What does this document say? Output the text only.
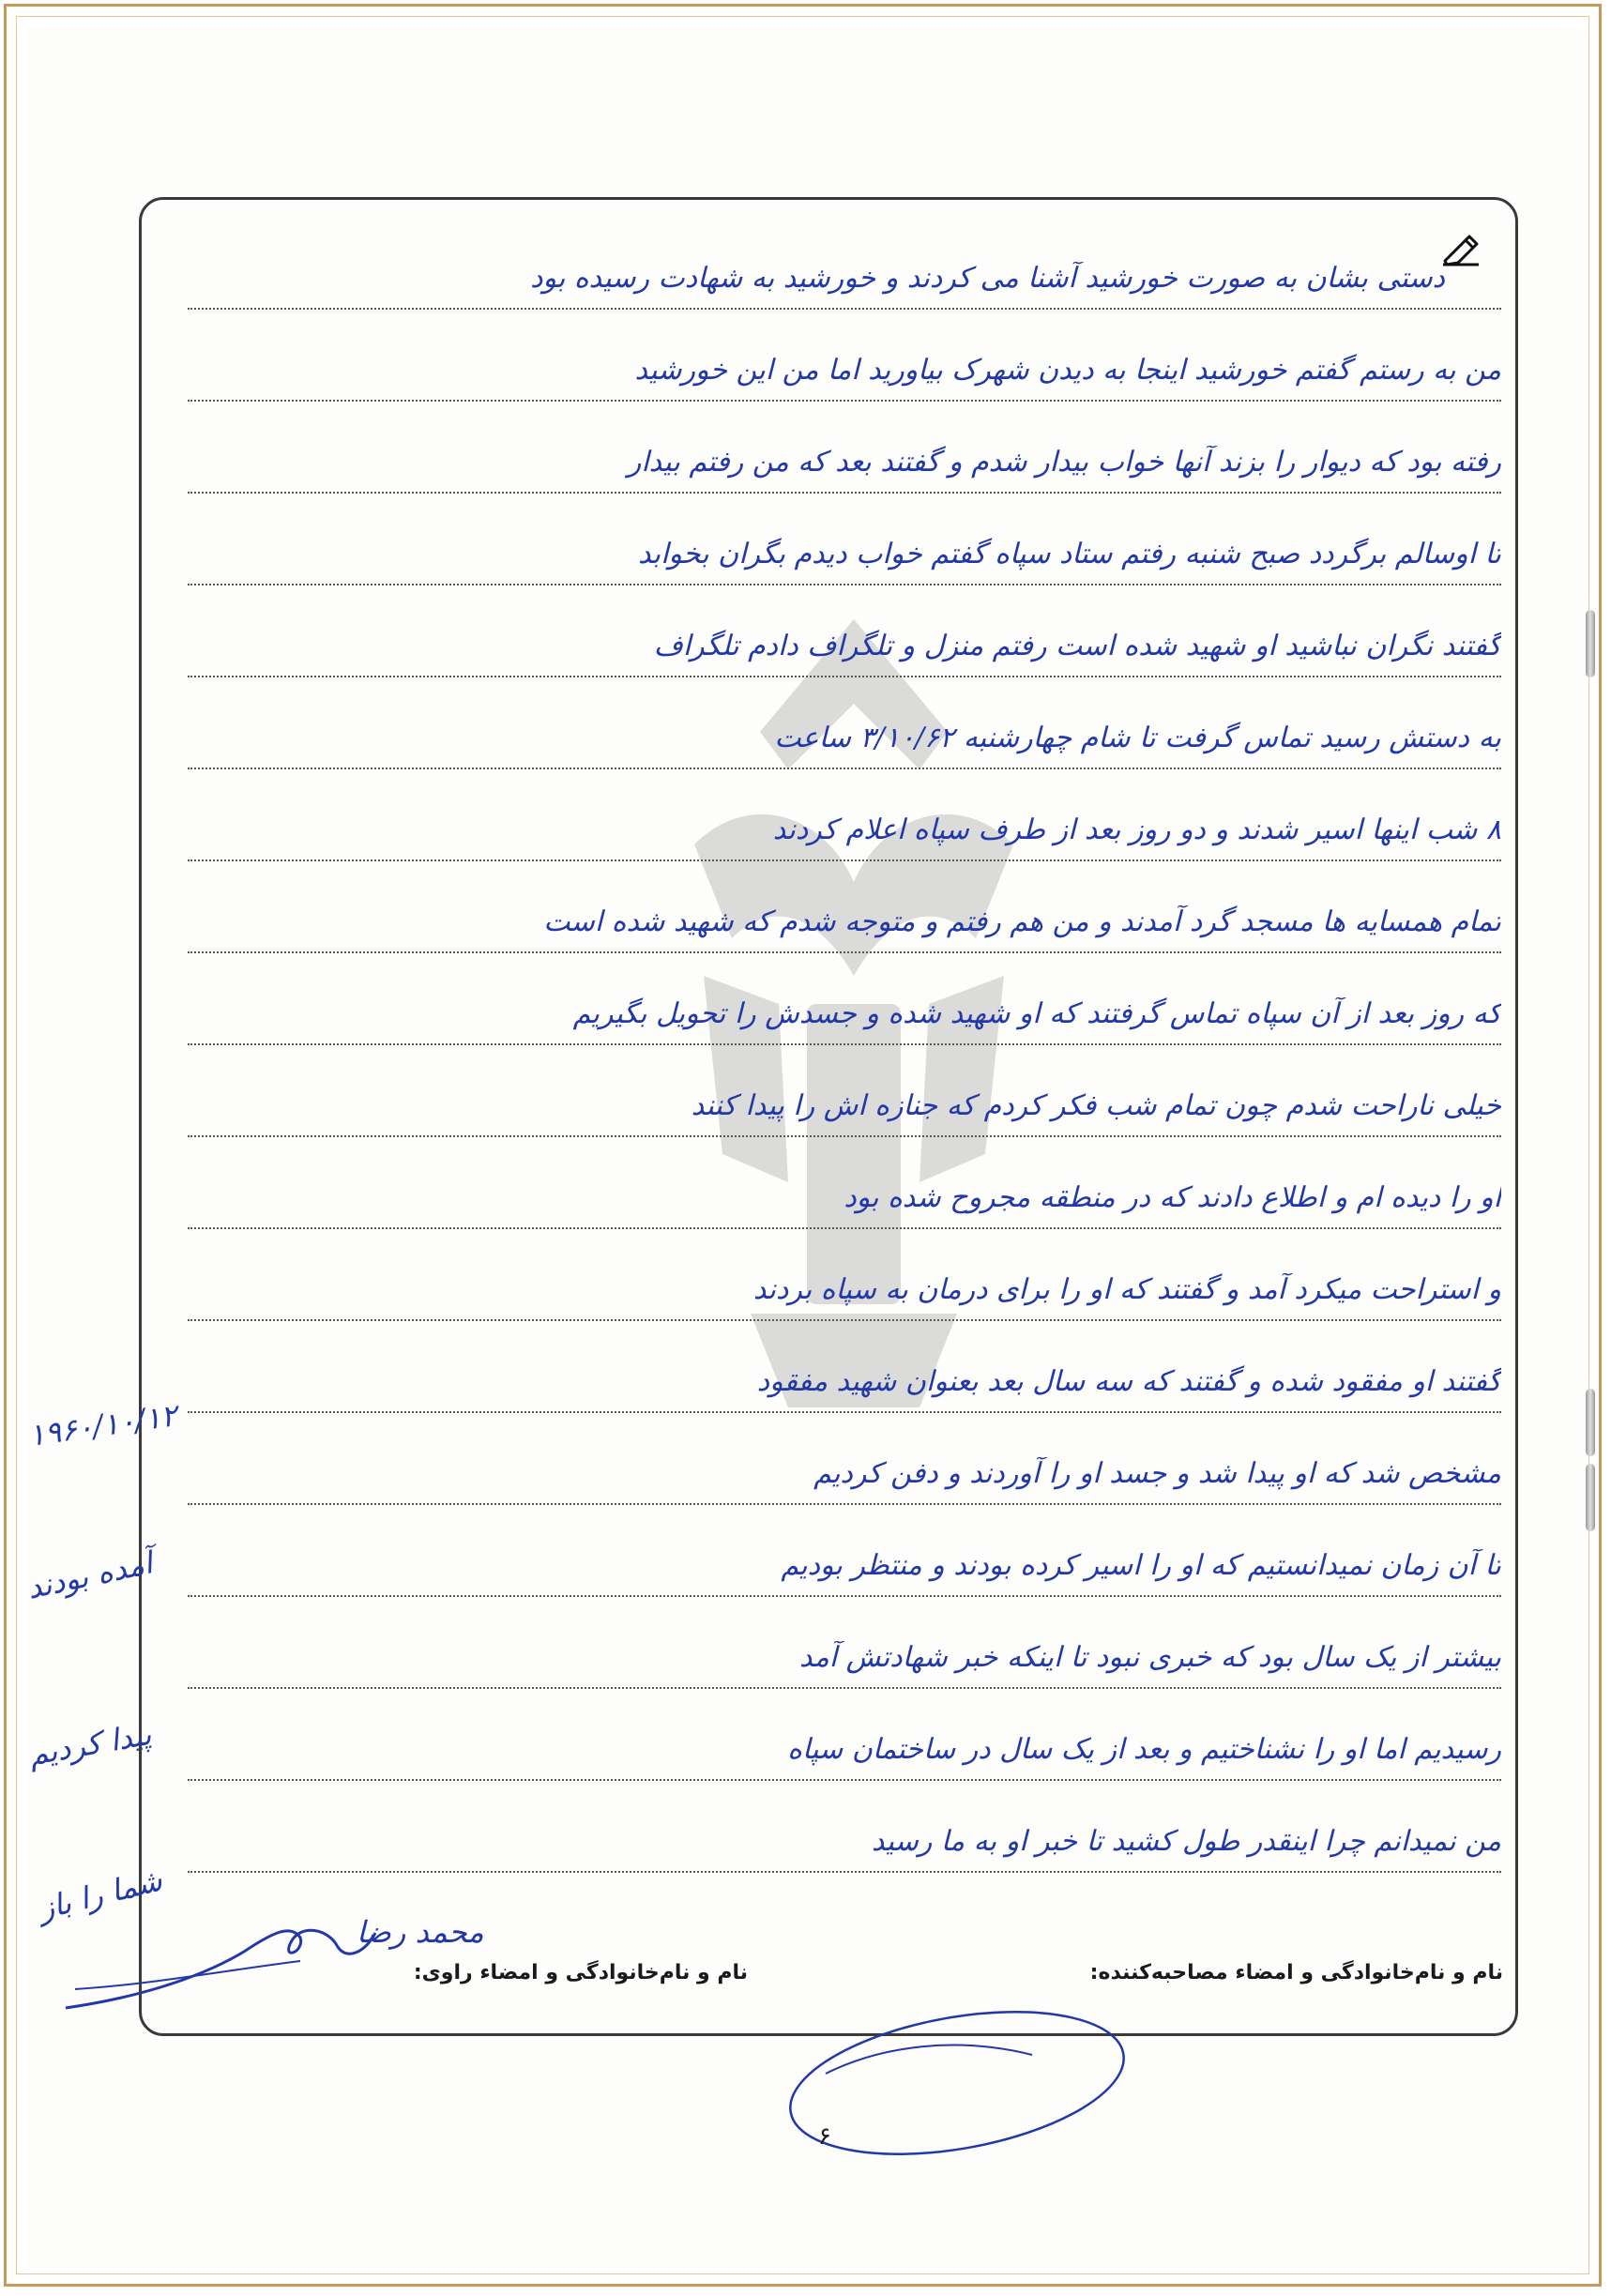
دستی بشان به صورت خورشید آشنا می کردند و خورشید به شهادت رسیده بود
من به رستم گفتم خورشید اینجا به دیدن شهرک بیاورید اما من این خورشید
رفته بود که دیوار را بزند آنها خواب بیدار شدم و گفتند بعد که من رفتم بیدار
تا اوسالم برگردد صبح شنبه رفتم ستاد سپاه گفتم خواب دیدم بگران بخوابد
گفتند نگران نباشید او شهید شده است رفتم منزل و تلگراف دادم تلگراف
به دستش رسید تماس گرفت تا شام چهارشنبه ۳/۱۰/۶۲ ساعت
۸ شب اینها اسیر شدند و دو روز بعد از طرف سپاه اعلام کردند
تمام همسایه ها مسجد گرد آمدند و من هم رفتم و متوجه شدم که شهید شده است
که روز بعد از آن سپاه تماس گرفتند که او شهید شده و جسدش را تحویل بگیریم
خیلی ناراحت شدم چون تمام شب فکر کردم که جنازه اش را پیدا کنند
او را دیده ام و اطلاع دادند که در منطقه مجروح شده بود
و استراحت میکرد آمد و گفتند که او را برای درمان به سپاه بردند
گفتند او مفقود شده و گفتند که سه سال بعد بعنوان شهید مفقود
مشخص شد که او پیدا شد و جسد او را آوردند و دفن کردیم
تا آن زمان نمیدانستیم که او را اسیر کرده بودند و منتظر بودیم
بیشتر از یک سال بود که خبری نبود تا اینکه خبر شهادتش آمد
رسیدیم اما او را نشناختیم و بعد از یک سال در ساختمان سپاه
من نمیدانم چرا اینقدر طول کشید تا خبر او به ما رسید
۱۹۶۰/۱۰/۱۲
آمده بودند
پیدا کردیم
شما را باز
محمد رضا
نام و نام‌خانوادگی و امضاء مصاحبه‌کننده:
نام و نام‌خانوادگی و امضاء راوی:
۶
